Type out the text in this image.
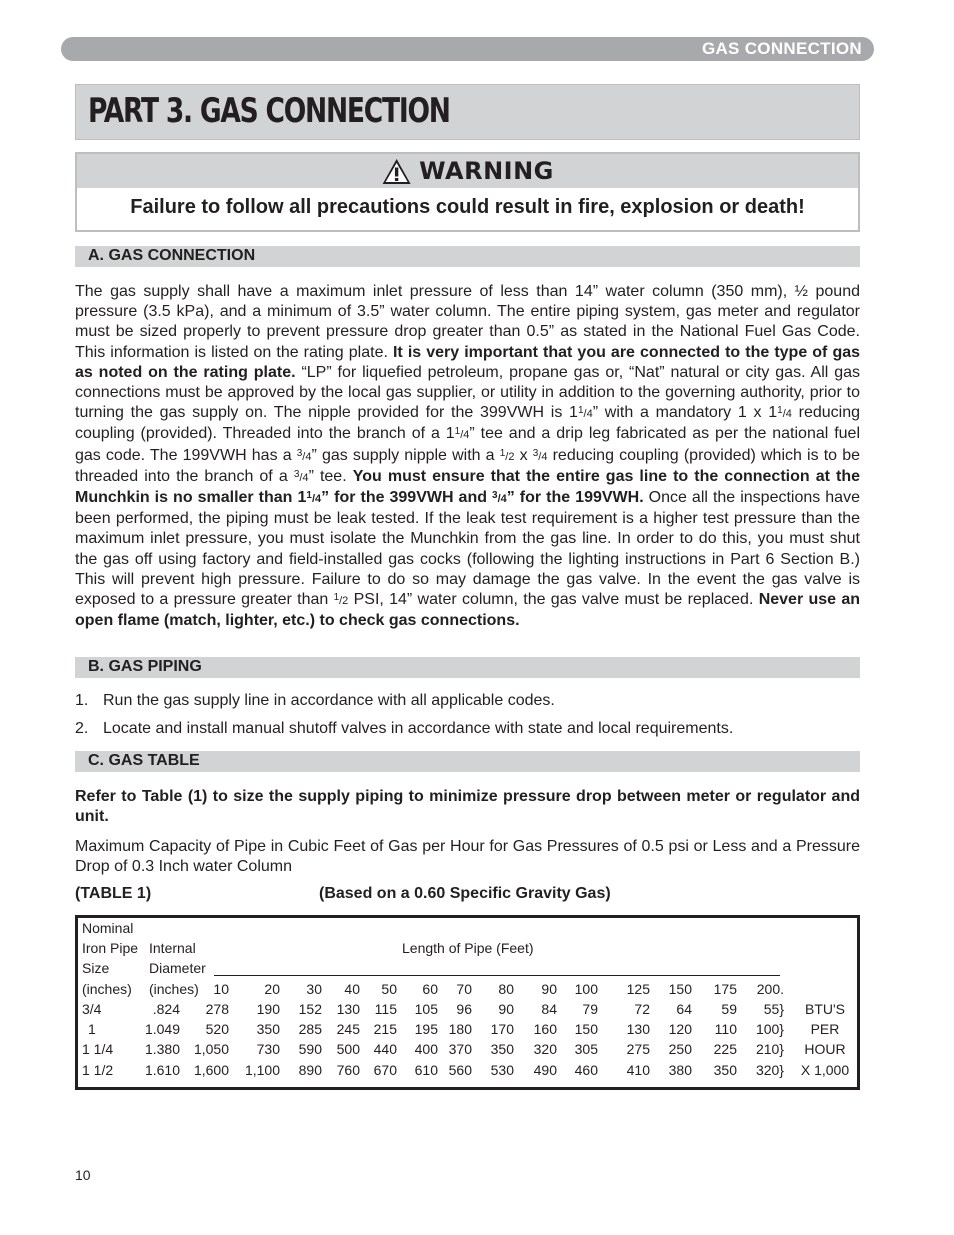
GAS CONNECTION
PART 3. GAS CONNECTION
WARNING
Failure to follow all precautions could result in fire, explosion or death!
A. GAS CONNECTION
The gas supply shall have a maximum inlet pressure of less than 14” water column (350 mm), ½ pound pressure (3.5 kPa), and a minimum of 3.5” water column. The entire piping system, gas meter and regulator must be sized properly to prevent pressure drop greater than 0.5” as stated in the National Fuel Gas Code. This information is listed on the rating plate. It is very important that you are connected to the type of gas as noted on the rating plate. “LP” for liquefied petroleum, propane gas or, “Nat” natural or city gas. All gas connections must be approved by the local gas supplier, or utility in addition to the governing authority, prior to turning the gas supply on. The nipple provided for the 399VWH is $1^1/4$” with a mandatory 1 x $1^1/4$ reducing coupling (provided). Threaded into the branch of a $1^1/4$” tee and a drip leg fabricated as per the national fuel gas code. The 199VWH has a $^3$/4” gas supply nipple with a $^1$/2 x $^3$/4 reducing coupling (provided) which is to be threaded into the branch of a $^3$/4” tee. You must ensure that the entire gas line to the connection at the Munchkin is no smaller than $1^1/4$” for the 399VWH and $^3$/4” for the 199VWH. Once all the inspections have been performed, the piping must be leak tested. If the leak test requirement is a higher test pressure than the maximum inlet pressure, you must isolate the Munchkin from the gas line. In order to do this, you must shut the gas off using factory and field-installed gas cocks (following the lighting instructions in Part 6 Section B.) This will prevent high pressure. Failure to do so may damage the gas valve. In the event the gas valve is exposed to a pressure greater than $^1$/2 PSI, 14” water column, the gas valve must be replaced. Never use an open flame (match, lighter, etc.) to check gas connections.
B. GAS PIPING
1. Run the gas supply line in accordance with all applicable codes.
2. Locate and install manual shutoff valves in accordance with state and local requirements.
C. GAS TABLE
Refer to Table (1) to size the supply piping to minimize pressure drop between meter or regulator and unit.
Maximum Capacity of Pipe in Cubic Feet of Gas per Hour for Gas Pressures of 0.5 psi or Less and a Pressure Drop of 0.3 Inch water Column
(TABLE 1)	(Based on a 0.60 Specific Gravity Gas)
Nominal
Iron Pipe
Size
(inches)
Internal
Diameter
(inches)
Length of Pipe (Feet)
10	20	30	40	50	60	70	80	90	100	125	150	175	200.
3/4	.824	278	190	152	130	115	105	96	90	84	79	72	64	59	55}	BTU'S
1	1.049	520	350	285	245 215	195 180	170	160	150	130	120	110	100}	PER
1 1/4	1.380 1,050	730	590	500 440	400 370	350	320	305	275	250	225	210}	HOUR
1 1/2	1.610 1,600	1,100	890	760 670	610 560	530	490	460	410	380	350	320}	X 1,000
10
